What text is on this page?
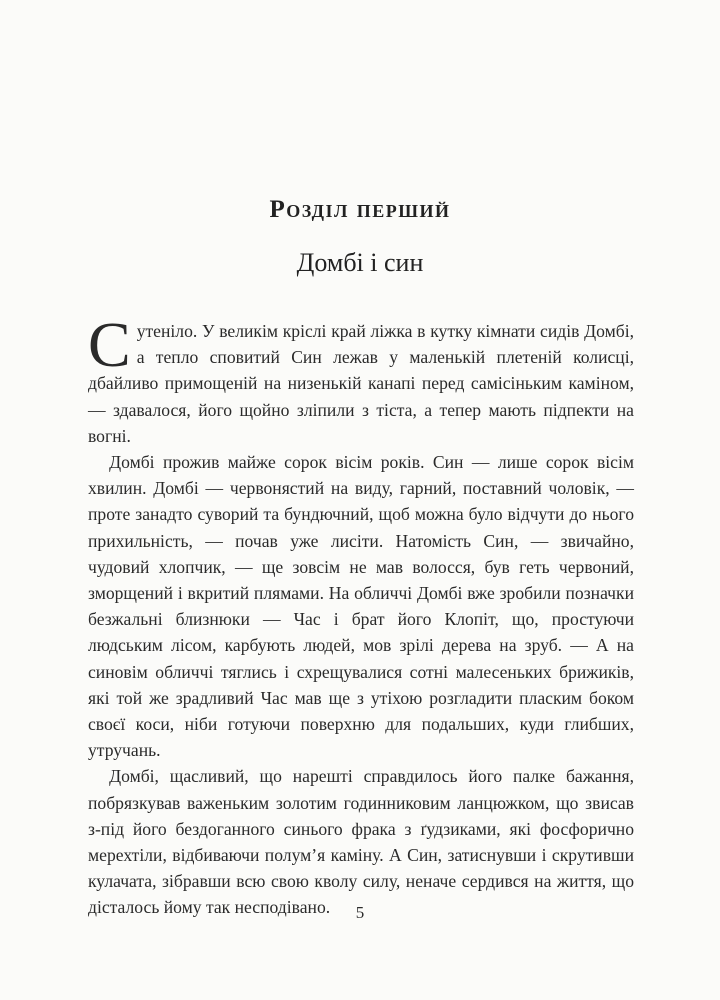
Розділ перший
Домбі і син

Сутеніло. У великім кріслі край ліжка в кутку кімнати сидів Домбі, а тепло сповитий Син лежав у маленькій плетеній колисці, дбайливо примощеній на низенькій канапі перед самісіньким каміном, — здавалося, його щойно зліпили з тіста, а тепер мають підпекти на вогні.

Домбі прожив майже сорок вісім років. Син — лише сорок вісім хвилин. Домбі — червонястий на виду, гарний, поставний чоловік, — проте занадто суворий та бундючний, щоб можна було відчути до нього прихильність, — почав уже лисіти. Натомість Син, — звичайно, чудовий хлопчик, — ще зовсім не мав волосся, був геть червоний, зморщений і вкритий плямами. На обличчі Домбі вже зробили позначки безжальні близнюки — Час і брат його Клопіт, що, простуючи людським лісом, карбують людей, мов зрілі дерева на зруб. — А на синовім обличчі тяглись і схрещувалися сотні малесеньких брижиків, які той же зрадливий Час мав ще з утіхою розгладити пласким боком своєї коси, ніби готуючи поверхню для подальших, куди глибших, утручань.

Домбі, щасливий, що нарешті справдилось його палке бажання, побрязкував важеньким золотим годинниковим ланцюжком, що звисав з-під його бездоганного синього фрака з ґудзиками, які фосфорично мерехтіли, відбиваючи полум’я каміну. А Син, затиснувши і скрутивши кулачата, зібравши всю свою кволу силу, неначе сердився на життя, що дісталось йому так несподівано.	5
